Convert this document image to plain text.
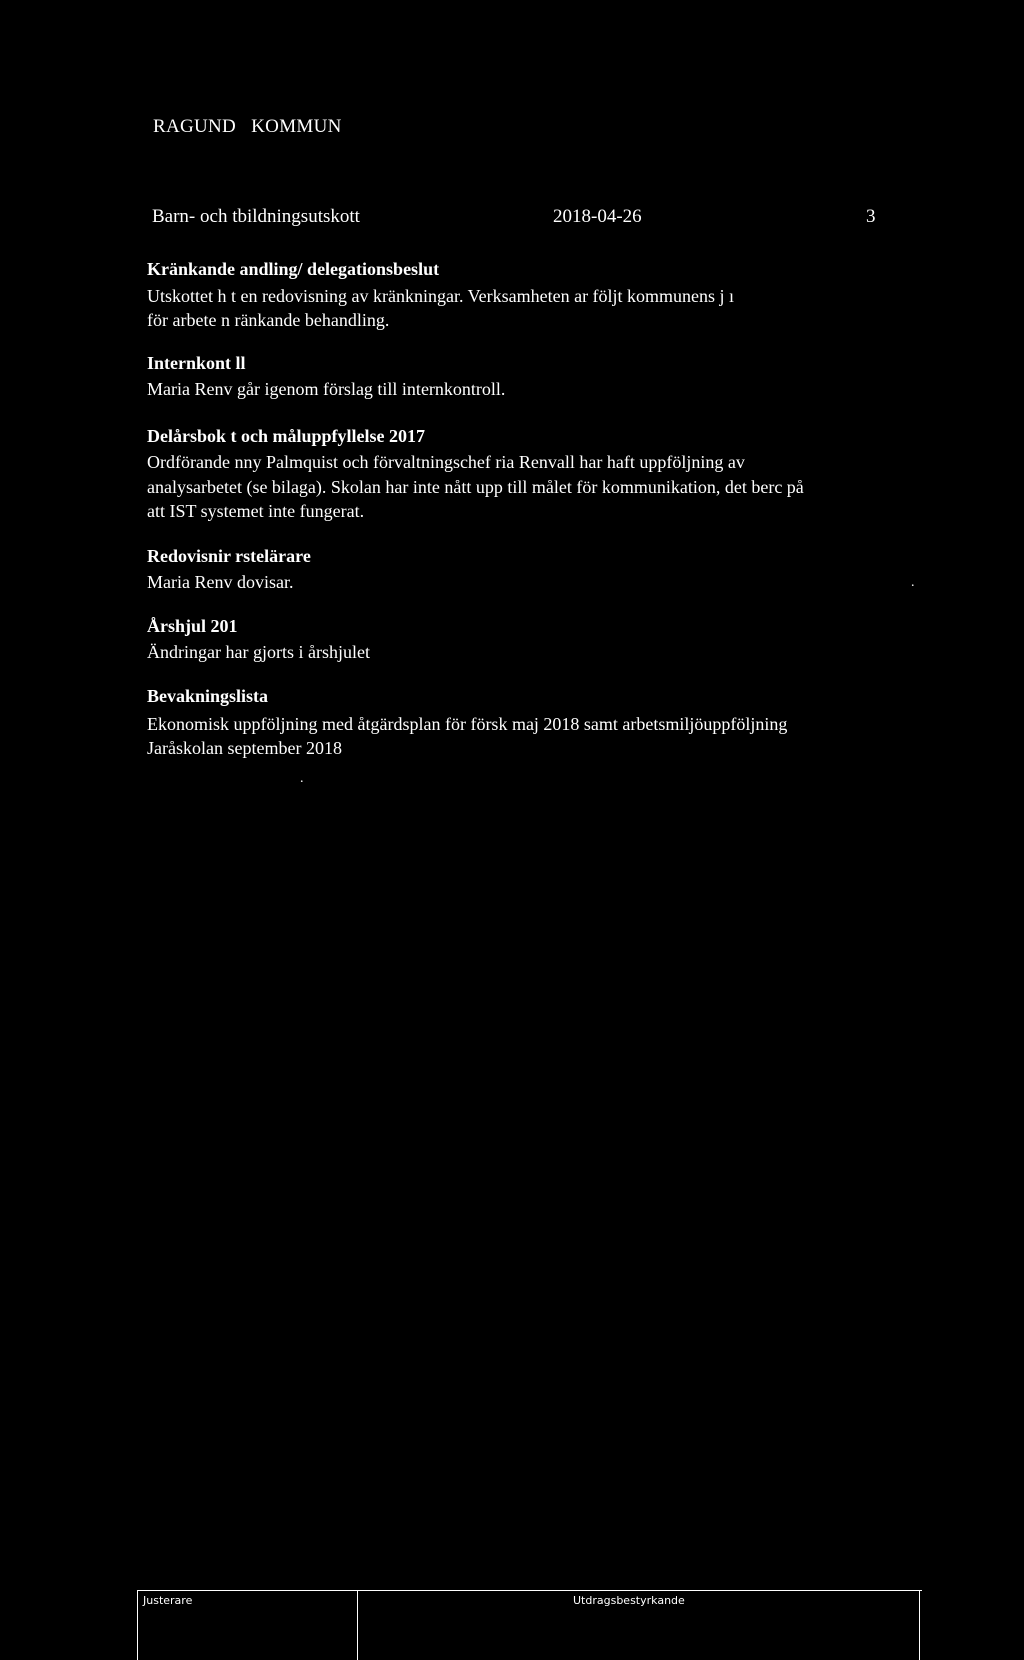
RAGUND KOMMUN
Barn- och tbildningsutskott	2018-04-26	3
Kränkande andling/ delegationsbeslut
Utskottet h t en redovisning av kränkningar. Verksamheten ar följt kommunens j ı
för arbete n ränkande behandling.
Internkont ll
Maria Renv går igenom förslag till internkontroll.
Delårsbok t och måluppfyllelse 2017
Ordförande nny Palmquist och förvaltningschef ria Renvall har haft uppföljning av
analysarbetet (se bilaga). Skolan har inte nått upp till målet för kommunikation, det berc på
att IST systemet inte fungerat.
Redovisnir rstelärare
Maria Renv dovisar.	.
Årshjul 201
Ändringar har gjorts i årshjulet
Bevakningslista
Ekonomisk uppföljning med åtgärdsplan för försk maj 2018 samt arbetsmiljöuppföljning
Jaråskolan september 2018
.
Justerare	Utdragsbestyrkande
